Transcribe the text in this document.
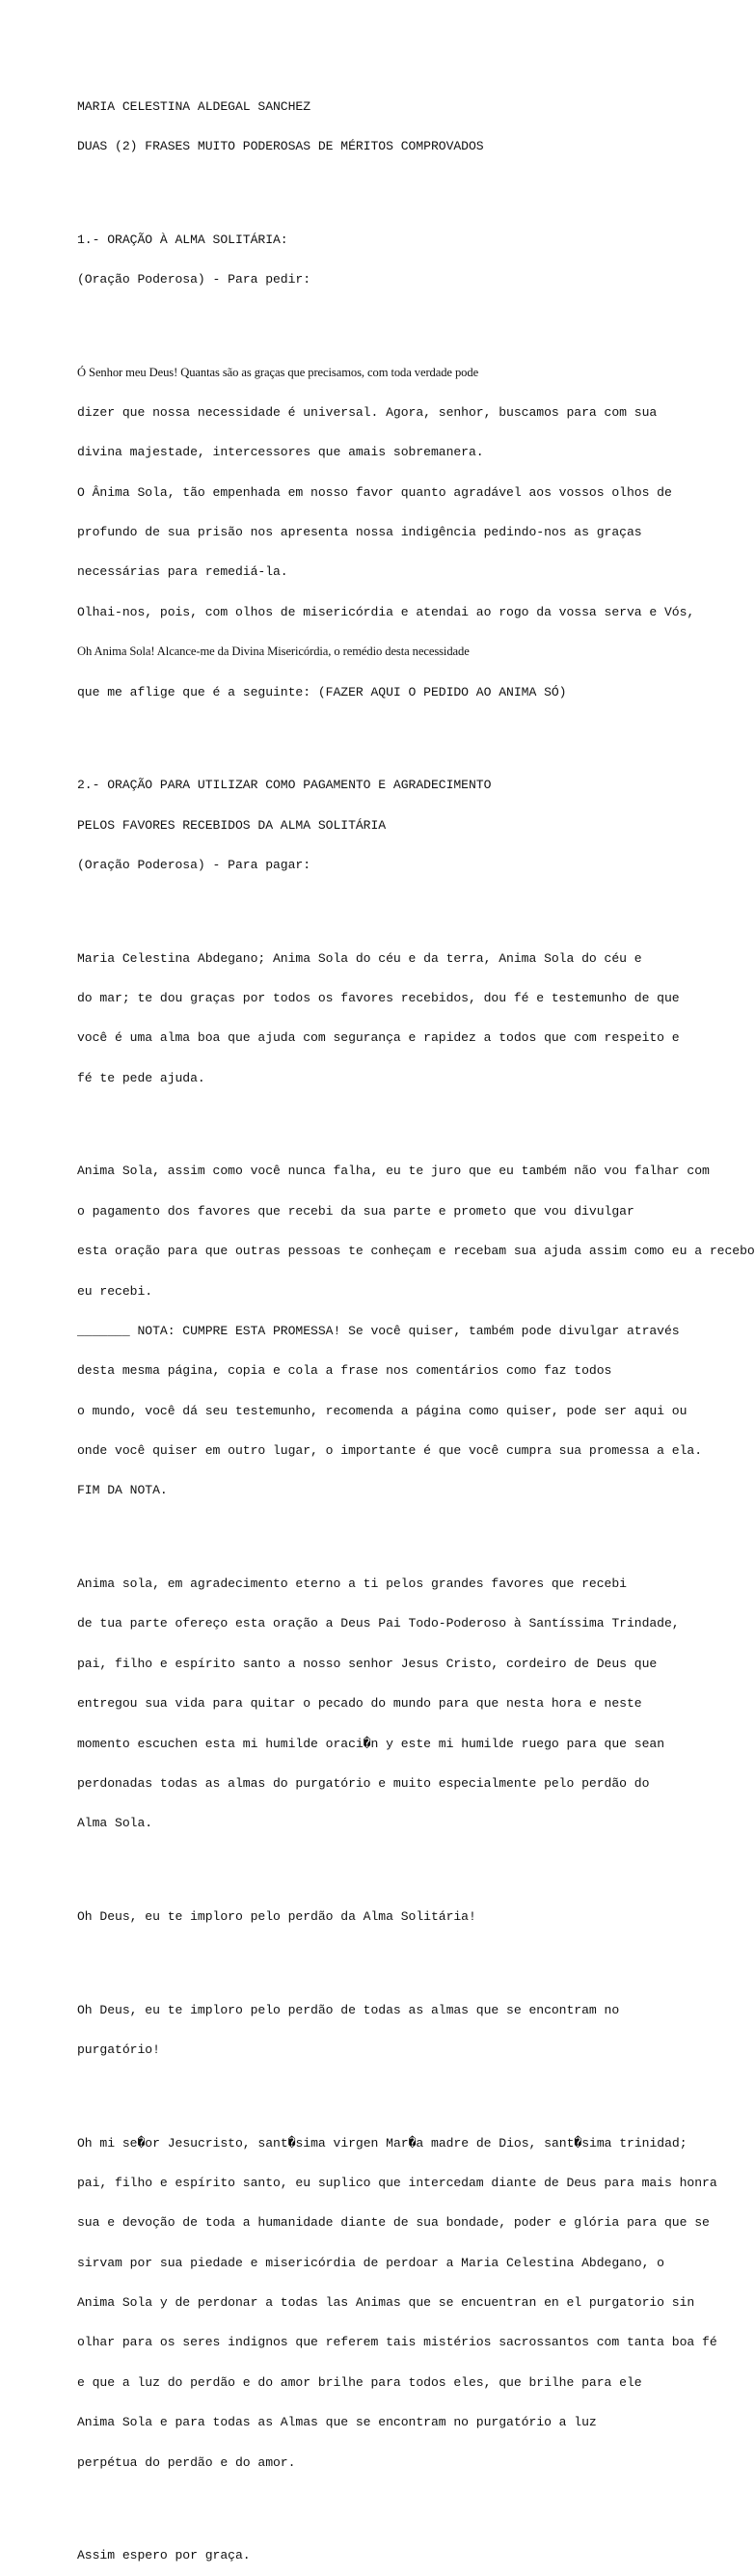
MARIA CELESTINA ALDEGAL SANCHEZ

DUAS (2) FRASES MUITO PODEROSAS DE MÉRITOS COMPROVADOS

1.- ORAÇÃO À ALMA SOLITÁRIA:

(Oração Poderosa) - Para pedir:

Ó Senhor meu Deus! Quantas são as graças que precisamos, com toda verdade pode

dizer que nossa necessidade é universal. Agora, senhor, buscamos para com sua

divina majestade, intercessores que amais sobremanera.

O Ânima Sola, tão empenhada em nosso favor quanto agradável aos vossos olhos de

profundo de sua prisão nos apresenta nossa indigência pedindo-nos as graças

necessárias para remediá-la.

Olhai-nos, pois, com olhos de misericórdia e atendai ao rogo da vossa serva e Vós,

Oh Anima Sola! Alcance-me da Divina Misericórdia, o remédio desta necessidade

que me aflige que é a seguinte: (FAZER AQUI O PEDIDO AO ANIMA SÓ)

2.- ORAÇÃO PARA UTILIZAR COMO PAGAMENTO E AGRADECIMENTO

PELOS FAVORES RECEBIDOS DA ALMA SOLITÁRIA

(Oração Poderosa) - Para pagar:

Maria Celestina Abdegano; Anima Sola do céu e da terra, Anima Sola do céu e

do mar; te dou graças por todos os favores recebidos, dou fé e testemunho de que

você é uma alma boa que ajuda com segurança e rapidez a todos que com respeito e

fé te pede ajuda.

Anima Sola, assim como você nunca falha, eu te juro que eu também não vou falhar com

o pagamento dos favores que recebi da sua parte e prometo que vou divulgar

esta oração para que outras pessoas te conheçam e recebam sua ajuda assim como eu a recebo

eu recebi.

_______ NOTA: CUMPRE ESTA PROMESSA! Se você quiser, também pode divulgar através

desta mesma página, copia e cola a frase nos comentários como faz todos

o mundo, você dá seu testemunho, recomenda a página como quiser, pode ser aqui ou

onde você quiser em outro lugar, o importante é que você cumpra sua promessa a ela.

FIM DA NOTA.

Anima sola, em agradecimento eterno a ti pelos grandes favores que recebi

de tua parte ofereço esta oração a Deus Pai Todo-Poderoso à Santíssima Trindade,

pai, filho e espírito santo a nosso senhor Jesus Cristo, cordeiro de Deus que

entregou sua vida para quitar o pecado do mundo para que nesta hora e neste

momento escuchen esta mi humilde oraci�n y este mi humilde ruego para que sean

perdonadas todas as almas do purgatório e muito especialmente pelo perdão do

Alma Sola.

Oh Deus, eu te imploro pelo perdão da Alma Solitária!

Oh Deus, eu te imploro pelo perdão de todas as almas que se encontram no

purgatório!

Oh mi se�or Jesucristo, sant�sima virgen Mar�a madre de Dios, sant�sima trinidad;

pai, filho e espírito santo, eu suplico que intercedam diante de Deus para mais honra

sua e devoção de toda a humanidade diante de sua bondade, poder e glória para que se

sirvam por sua piedade e misericórdia de perdoar a Maria Celestina Abdegano, o

Anima Sola y de perdonar a todas las Animas que se encuentran en el purgatorio sin

olhar para os seres indignos que referem tais mistérios sacrossantos com tanta boa fé

e que a luz do perdão e do amor brilhe para todos eles, que brilhe para ele

Anima Sola e para todas as Almas que se encontram no purgatório a luz

perpétua do perdão e do amor.

Assim espero por graça.
